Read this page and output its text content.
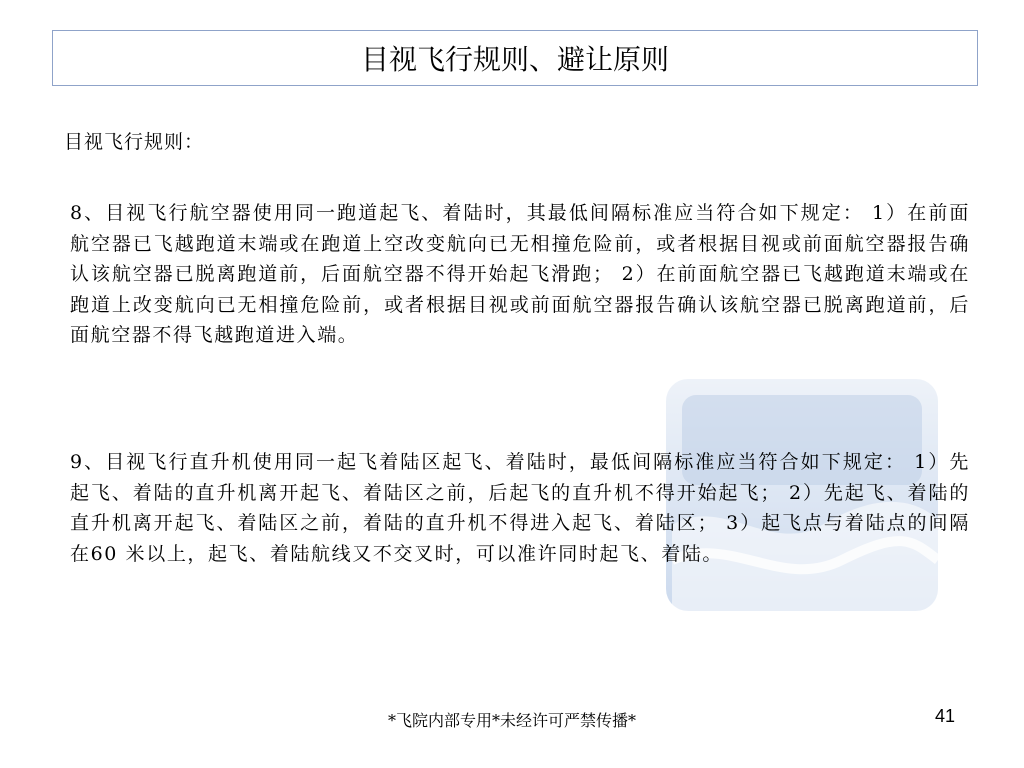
目视飞行规则、避让原则
目视飞行规则：
8、目视飞行航空器使用同一跑道起飞、着陆时，其最低间隔标准应当符合如下规定： 1）在前面航空器已飞越跑道末端或在跑道上空改变航向已无相撞危险前，或者根据目视或前面航空器报告确认该航空器已脱离跑道前，后面航空器不得开始起飞滑跑； 2）在前面航空器已飞越跑道末端或在跑道上改变航向已无相撞危险前，或者根据目视或前面航空器报告确认该航空器已脱离跑道前，后面航空器不得飞越跑道进入端。
9、目视飞行直升机使用同一起飞着陆区起飞、着陆时，最低间隔标准应当符合如下规定： 1）先起飞、着陆的直升机离开起飞、着陆区之前，后起飞的直升机不得开始起飞； 2）先起飞、着陆的直升机离开起飞、着陆区之前，着陆的直升机不得进入起飞、着陆区； 3）起飞点与着陆点的间隔在60 米以上，起飞、着陆航线又不交叉时，可以准许同时起飞、着陆。
*飞院内部专用*未经许可严禁传播*	41
